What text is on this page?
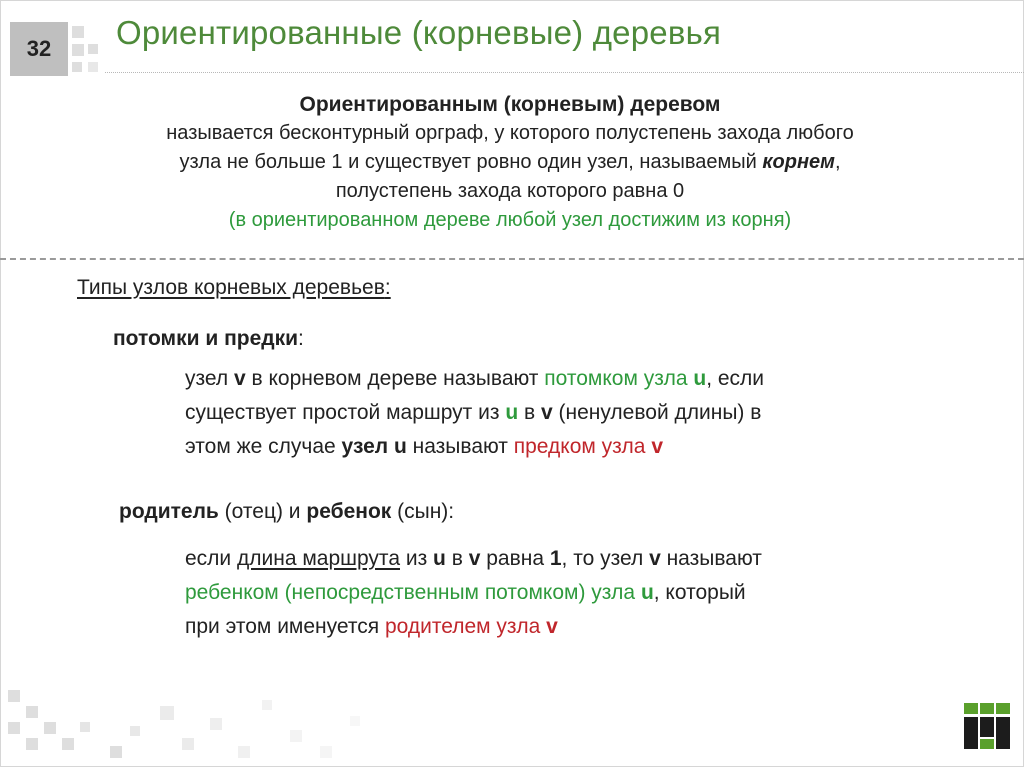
32	Ориентированные (корневые) деревья
Ориентированным (корневым) деревом
называется бесконтурный орграф, у которого полустепень захода любого
узла не больше 1 и существует ровно один узел, называемый корнем,
полустепень захода которого равна 0
(в ориентированном дереве любой узел достижим из корня)
Типы узлов корневых деревьев:
потомки и предки:
узел v в корневом дереве называют потомком узла u, если
существует простой маршрут из u в v (ненулевой длины) в
этом же случае узел u называют предком узла v
родитель (отец) и ребенок (сын):
если длина маршрута из u в v равна 1, то узел v называют
ребенком (непосредственным потомком) узла u, который
при этом именуется родителем узла v
